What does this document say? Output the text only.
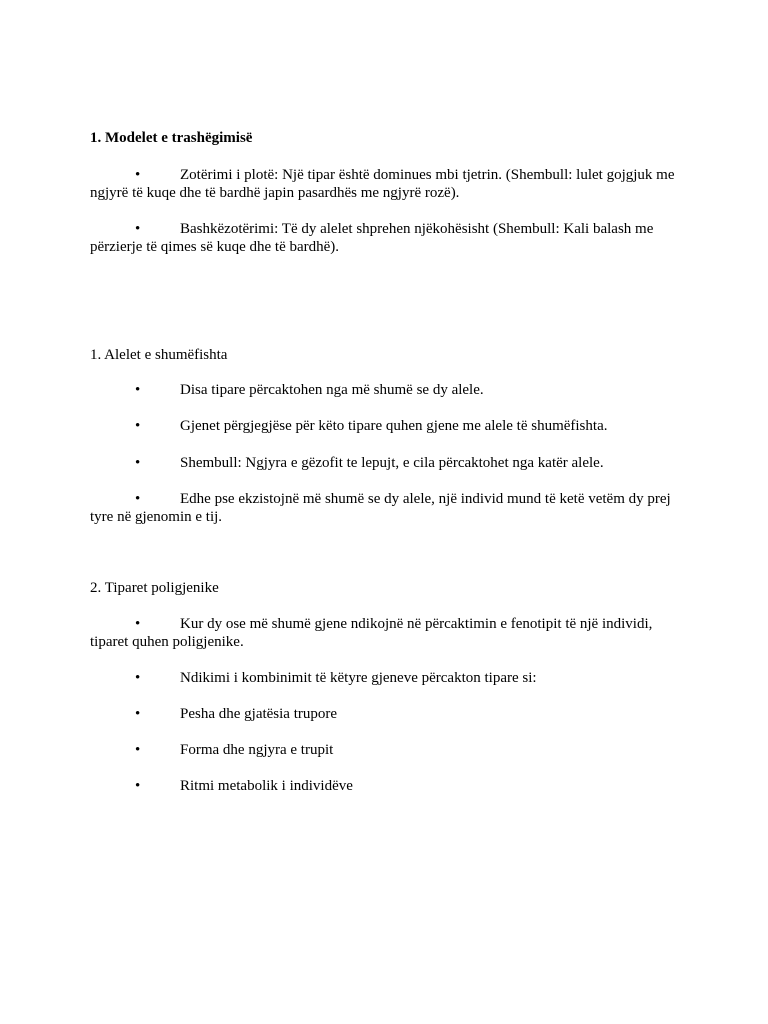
1. Modelet e trashëgimisë
•	Zotërimi i plotë: Një tipar është dominues mbi tjetrin. (Shembull: lulet gojgjuk me
ngjyrë të kuqe dhe të bardhë japin pasardhës me ngjyrë rozë).
•	Bashkëzotërimi: Të dy alelet shprehen njëkohësisht (Shembull: Kali balash me
përzierje të qimes së kuqe dhe të bardhë).
1. Alelet e shumëfishta
•	Disa tipare përcaktohen nga më shumë se dy alele.
•	Gjenet përgjegjëse për këto tipare quhen gjene me alele të shumëfishta.
•	Shembull: Ngjyra e gëzofit te lepujt, e cila përcaktohet nga katër alele.
•	Edhe pse ekzistojnë më shumë se dy alele, një individ mund të ketë vetëm dy prej
tyre në gjenomin e tij.
2. Tiparet poligjenike
•	Kur dy ose më shumë gjene ndikojnë në përcaktimin e fenotipit të një individi,
tiparet quhen poligjenike.
•	Ndikimi i kombinimit të këtyre gjeneve përcakton tipare si:
•	Pesha dhe gjatësia trupore
•	Forma dhe ngjyra e trupit
•	Ritmi metabolik i individëve
